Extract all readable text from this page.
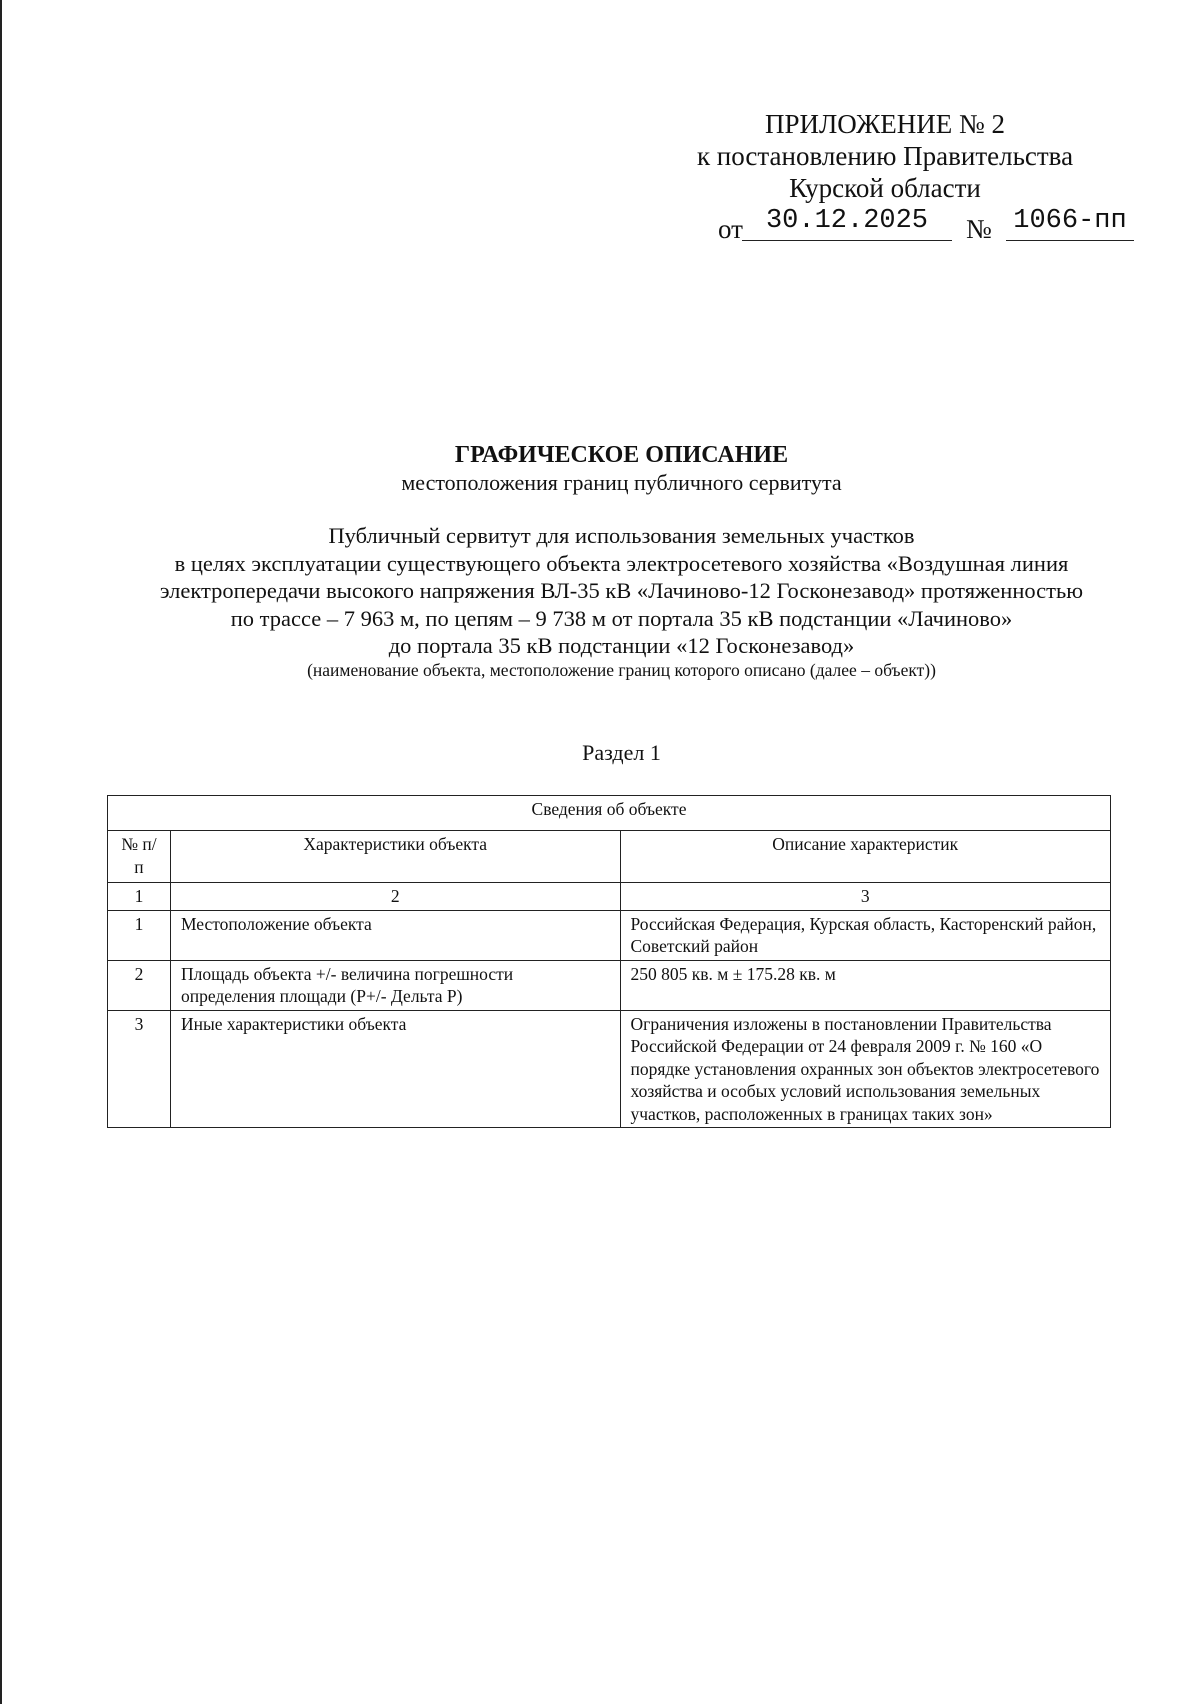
ПРИЛОЖЕНИЕ № 2
к постановлению Правительства
Курской области
от 30.12.2025	№ 1066-пп
ГРАФИЧЕСКОЕ ОПИСАНИЕ
местоположения границ публичного сервитута
Публичный сервитут для использования земельных участков
в целях эксплуатации существующего объекта электросетевого хозяйства «Воздушная линия
электропередачи высокого напряжения ВЛ-35 кВ «Лачиново-12 Госконезавод» протяженностью
по трассе – 7 963 м, по цепям – 9 738 м от портала 35 кВ подстанции «Лачиново»
до портала 35 кВ подстанции «12 Госконезавод»
(наименование объекта, местоположение границ которого описано (далее – объект))
Раздел 1
Сведения об объекте		
№ п/п	Характеристики объекта	Описание характеристик
1	2	3
1	Местоположение объекта	Российская Федерация, Курская область, Касторенский район, Советский район
2	Площадь объекта +/- величина погрешности определения площади (Р+/- Дельта Р)	250 805 кв. м ± 175.28 кв. м
3	Иные характеристики объекта	Ограничения изложены в постановлении Правительства Российской Федерации от 24 февраля 2009 г. № 160 «О порядке установления охранных зон объектов электросетевого хозяйства и особых условий использования земельных участков, расположенных в границах таких зон»
